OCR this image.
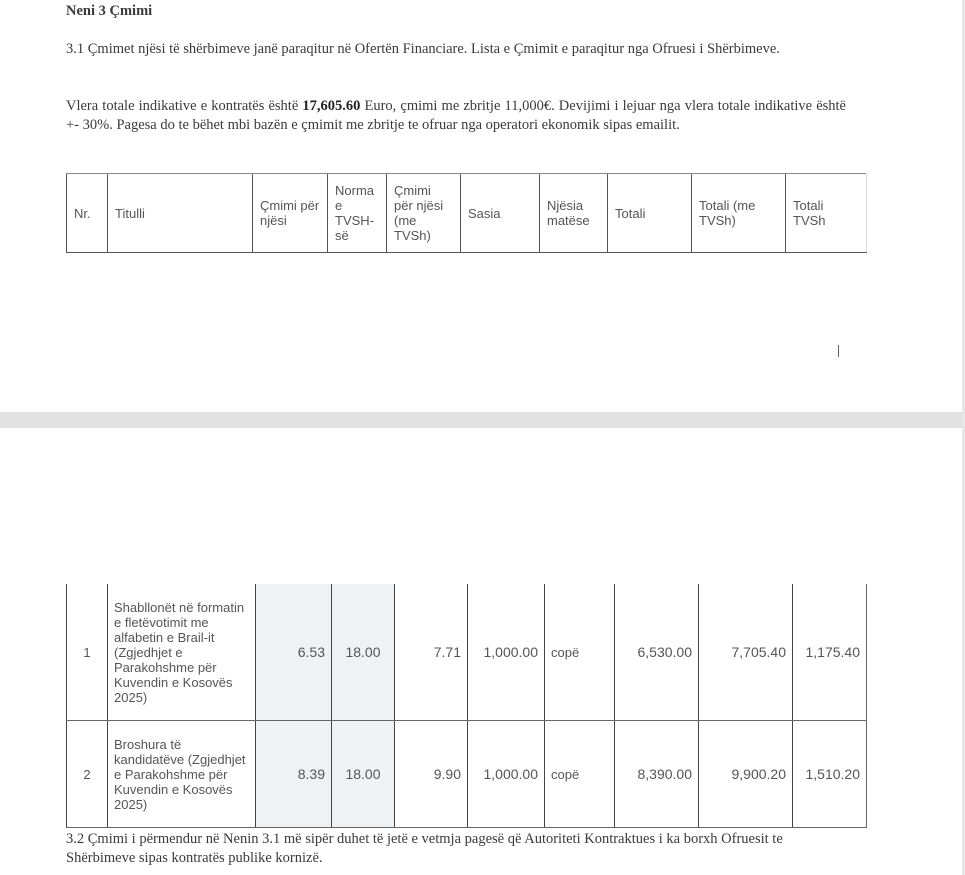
Neni 3 Çmimi
3.1 Çmimet njësi të shërbimeve janë paraqitur në Ofertën Financiare. Lista e Çmimit e paraqitur nga Ofruesi i Shërbimeve.
Vlera totale indikative e kontratës është 17,605.60 Euro, çmimi me zbritje 11,000€. Devijimi i lejuar nga vlera totale indikative është +- 30%. Pagesa do te bëhet mbi bazën e çmimit me zbritje te ofruar nga operatori ekonomik sipas emailit.
Nr.	Titulli	Çmimi për njësi	Norma e TVSH-së	Çmimi për njësi (me TVSh)	Sasia	Njësia matëse	Totali	Totali (me TVSh)	Totali TVSh
1	Shabllonët në formatin e fletëvotimit me alfabetin e Brail-it (Zgjedhjet e Parakohshme për Kuvendin e Kosovës 2025)	6.53	18.00	7.71	1,000.00	copë	6,530.00	7,705.40	1,175.40
2	Broshura të kandidatëve (Zgjedhjet e Parakohshme për Kuvendin e Kosovës 2025)	8.39	18.00	9.90	1,000.00	copë	8,390.00	9,900.20	1,510.20
3.2 Çmimi i përmendur në Nenin 3.1 më sipër duhet të jetë e vetmja pagesë që Autoriteti Kontraktues i ka borxh Ofruesit te Shërbimeve sipas kontratës publike kornizë.
